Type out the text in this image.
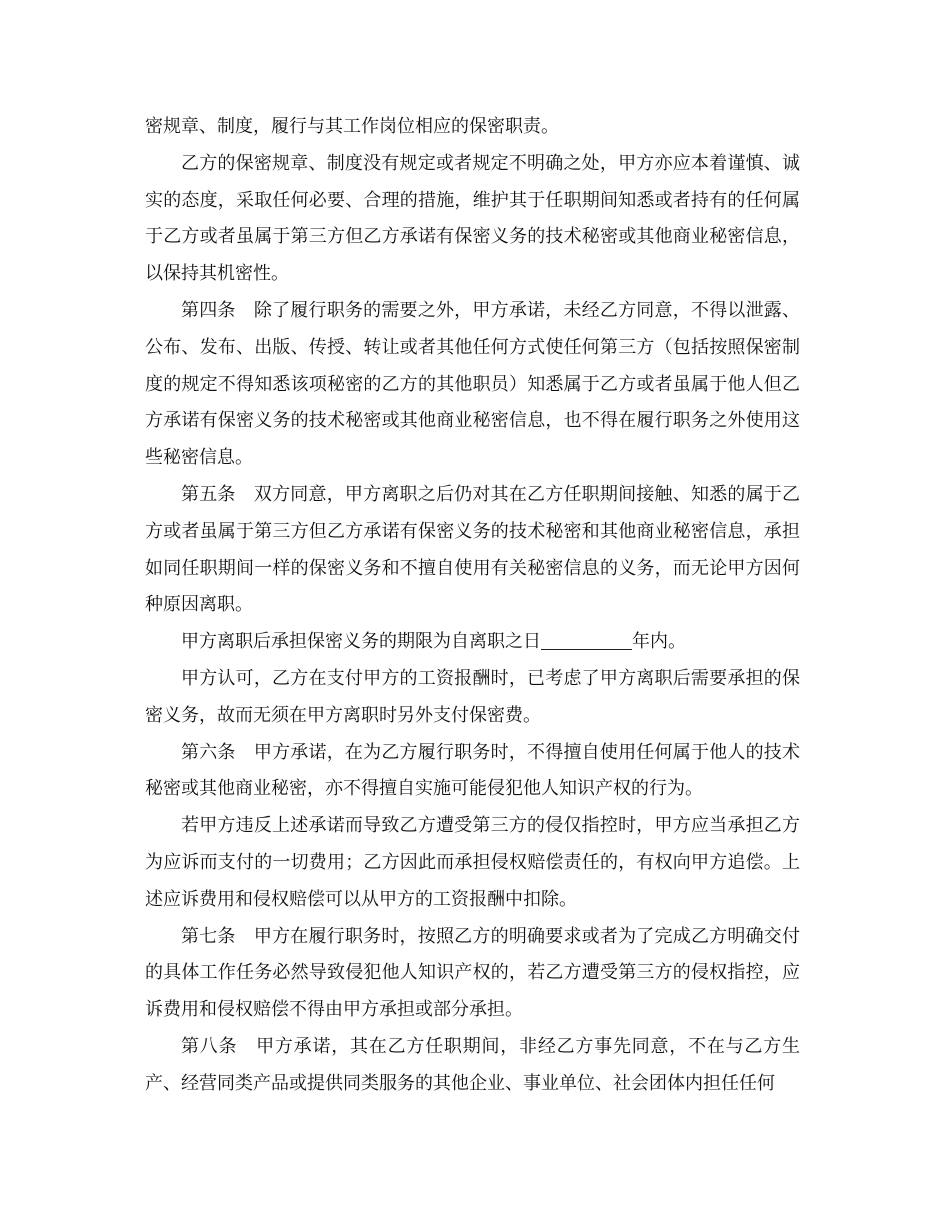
密规章、制度，履行与其工作岗位相应的保密职责。

乙方的保密规章、制度没有规定或者规定不明确之处，甲方亦应本着谨慎、诚实的态度，采取任何必要、合理的措施，维护其于任职期间知悉或者持有的任何属于乙方或者虽属于第三方但乙方承诺有保密义务的技术秘密或其他商业秘密信息，以保持其机密性。

第四条 除了履行职务的需要之外，甲方承诺，未经乙方同意，不得以泄露、公布、发布、出版、传授、转让或者其他任何方式使任何第三方（包括按照保密制度的规定不得知悉该项秘密的乙方的其他职员）知悉属于乙方或者虽属于他人但乙方承诺有保密义务的技术秘密或其他商业秘密信息，也不得在履行职务之外使用这些秘密信息。

第五条 双方同意，甲方离职之后仍对其在乙方任职期间接触、知悉的属于乙方或者虽属于第三方但乙方承诺有保密义务的技术秘密和其他商业秘密信息，承担如同任职期间一样的保密义务和不擅自使用有关秘密信息的义务，而无论甲方因何种原因离职。

甲方离职后承担保密义务的期限为自离职之日	年内。

甲方认可，乙方在支付甲方的工资报酬时，已考虑了甲方离职后需要承担的保密义务，故而无须在甲方离职时另外支付保密费。

第六条 甲方承诺，在为乙方履行职务时，不得擅自使用任何属于他人的技术秘密或其他商业秘密，亦不得擅自实施可能侵犯他人知识产权的行为。

若甲方违反上述承诺而导致乙方遭受第三方的侵仅指控时，甲方应当承担乙方为应诉而支付的一切费用；乙方因此而承担侵权赔偿责任的，有权向甲方追偿。上述应诉费用和侵权赔偿可以从甲方的工资报酬中扣除。

第七条 甲方在履行职务时，按照乙方的明确要求或者为了完成乙方明确交付的具体工作任务必然导致侵犯他人知识产权的，若乙方遭受第三方的侵权指控，应诉费用和侵权赔偿不得由甲方承担或部分承担。

第八条 甲方承诺，其在乙方任职期间，非经乙方事先同意，不在与乙方生产、经营同类产品或提供同类服务的其他企业、事业单位、社会团体内担任任何
